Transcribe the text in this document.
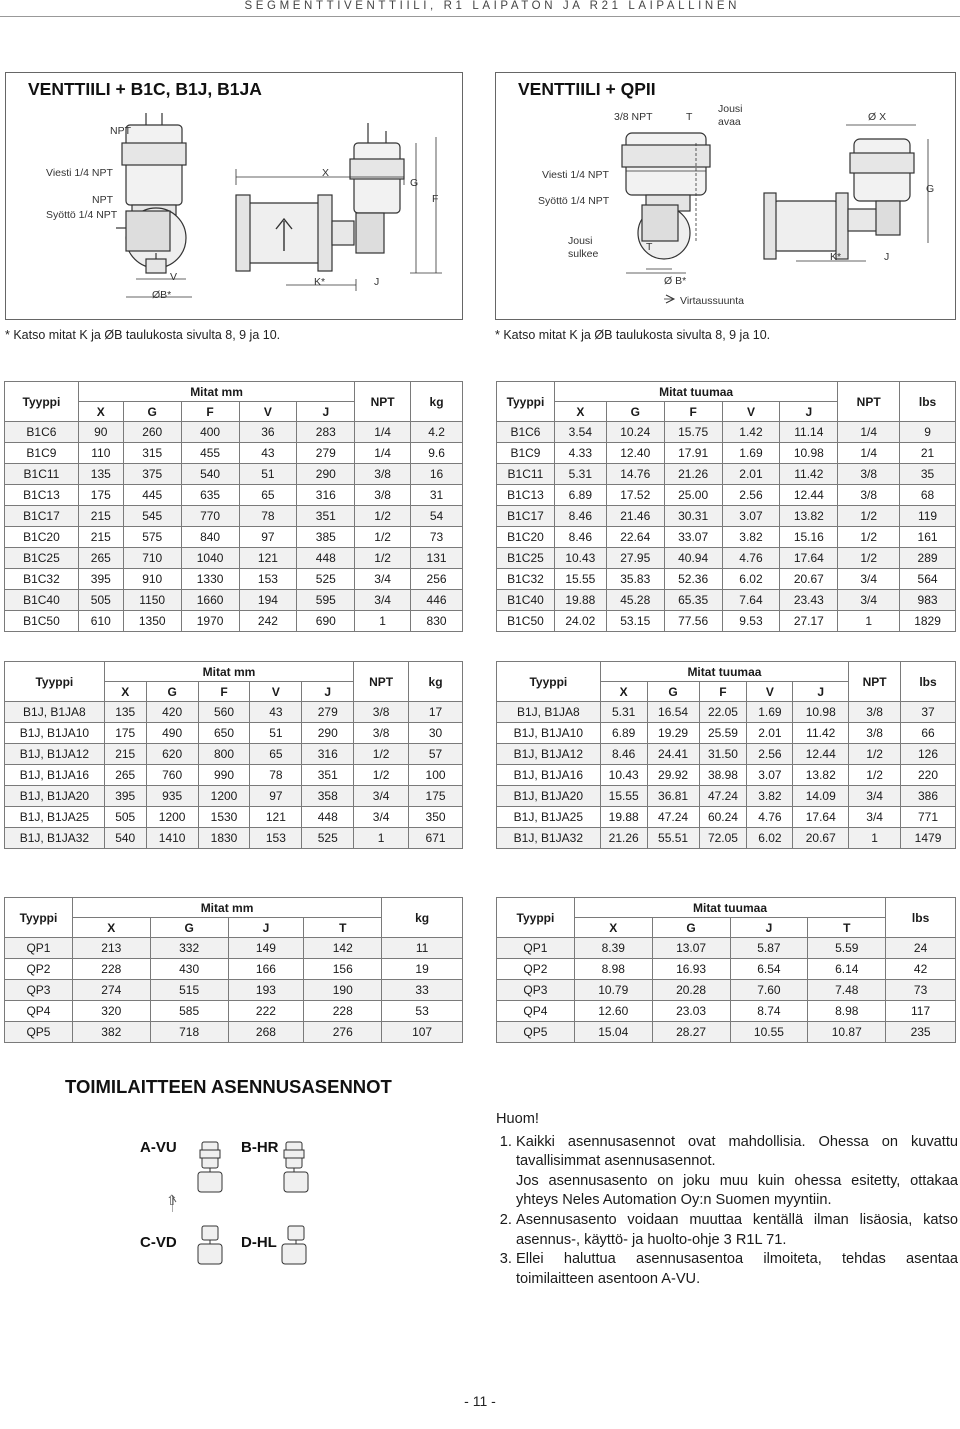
SEGMENTTIVENTTIILI, R1 LAIPATON JA R21 LAIPALLINEN
VENTTIILI + B1C, B1J, B1JA
NPT
Viesti 1/4 NPT
NPT
Syöttö 1/4 NPT
V
ØB*
X
K*	J
G
F
* Katso mitat K ja ØB taulukosta sivulta 8, 9 ja 10.
VENTTIILI + QPII
3/8 NPT	T
Jousi avaa	Ø X
Viesti 1/4 NPT
Syöttö 1/4 NPT
Jousi sulkee
T
Ø B*
Virtaussuunta
K*	J
G
* Katso mitat K ja ØB taulukosta sivulta 8, 9 ja 10.
Tyyppi	Mitat mm					NPT	kg
	X	G	F	V	J		
B1C6	90	260	400	36	283	1/4	4.2
B1C9	110	315	455	43	279	1/4	9.6
B1C11	135	375	540	51	290	3/8	16
B1C13	175	445	635	65	316	3/8	31
B1C17	215	545	770	78	351	1/2	54
B1C20	215	575	840	97	385	1/2	73
B1C25	265	710	1040	121	448	1/2	131
B1C32	395	910	1330	153	525	3/4	256
B1C40	505	1150	1660	194	595	3/4	446
B1C50	610	1350	1970	242	690	1	830
Tyyppi	Mitat tuumaa					NPT	lbs
	X	G	F	V	J		
B1C6	3.54	10.24	15.75	1.42	11.14	1/4	9
B1C9	4.33	12.40	17.91	1.69	10.98	1/4	21
B1C11	5.31	14.76	21.26	2.01	11.42	3/8	35
B1C13	6.89	17.52	25.00	2.56	12.44	3/8	68
B1C17	8.46	21.46	30.31	3.07	13.82	1/2	119
B1C20	8.46	22.64	33.07	3.82	15.16	1/2	161
B1C25	10.43	27.95	40.94	4.76	17.64	1/2	289
B1C32	15.55	35.83	52.36	6.02	20.67	3/4	564
B1C40	19.88	45.28	65.35	7.64	23.43	3/4	983
B1C50	24.02	53.15	77.56	9.53	27.17	1	1829
Tyyppi	Mitat mm					NPT	kg
	X	G	F	V	J		
B1J, B1JA8	135	420	560	43	279	3/8	17
B1J, B1JA10	175	490	650	51	290	3/8	30
B1J, B1JA12	215	620	800	65	316	1/2	57
B1J, B1JA16	265	760	990	78	351	1/2	100
B1J, B1JA20	395	935	1200	97	358	3/4	175
B1J, B1JA25	505	1200	1530	121	448	3/4	350
B1J, B1JA32	540	1410	1830	153	525	1	671
Tyyppi	Mitat tuumaa					NPT	lbs
	X	G	F	V	J		
B1J, B1JA8	5.31	16.54	22.05	1.69	10.98	3/8	37
B1J, B1JA10	6.89	19.29	25.59	2.01	11.42	3/8	66
B1J, B1JA12	8.46	24.41	31.50	2.56	12.44	1/2	126
B1J, B1JA16	10.43	29.92	38.98	3.07	13.82	1/2	220
B1J, B1JA20	15.55	36.81	47.24	3.82	14.09	3/4	386
B1J, B1JA25	19.88	47.24	60.24	4.76	17.64	3/4	771
B1J, B1JA32	21.26	55.51	72.05	6.02	20.67	1	1479
Tyyppi	Mitat mm				kg
	X	G	J	T	
QP1	213	332	149	142	11
QP2	228	430	166	156	19
QP3	274	515	193	190	33
QP4	320	585	222	228	53
QP5	382	718	268	276	107
Tyyppi	Mitat tuumaa				lbs
	X	G	J	T	
QP1	8.39	13.07	5.87	5.59	24
QP2	8.98	16.93	6.54	6.14	42
QP3	10.79	20.28	7.60	7.48	73
QP4	12.60	23.03	8.74	8.98	117
QP5	15.04	28.27	10.55	10.87	235
TOIMILAITTEEN ASENNUSASENNOT
A-VU	B-HR
C-VD	D-HL
⇧
Huom!

1. Kaikki asennusasennot ovat mahdollisia. Ohessa on kuvattu tavallisimmat asennusasennot.

Jos asennusasento on joku muu kuin ohessa esitetty, ottakaa yhteys Neles Automation Oy:n Suomen myyntiin.

2. Asennusasento voidaan muuttaa kentällä ilman lisäosia, katso asennus-, käyttö- ja huolto-ohje 3 R1L 71.

3. Ellei haluttua asennusasentoa ilmoiteta, tehdas asentaa toimilaitteen asentoon A-VU.

- 11 -
